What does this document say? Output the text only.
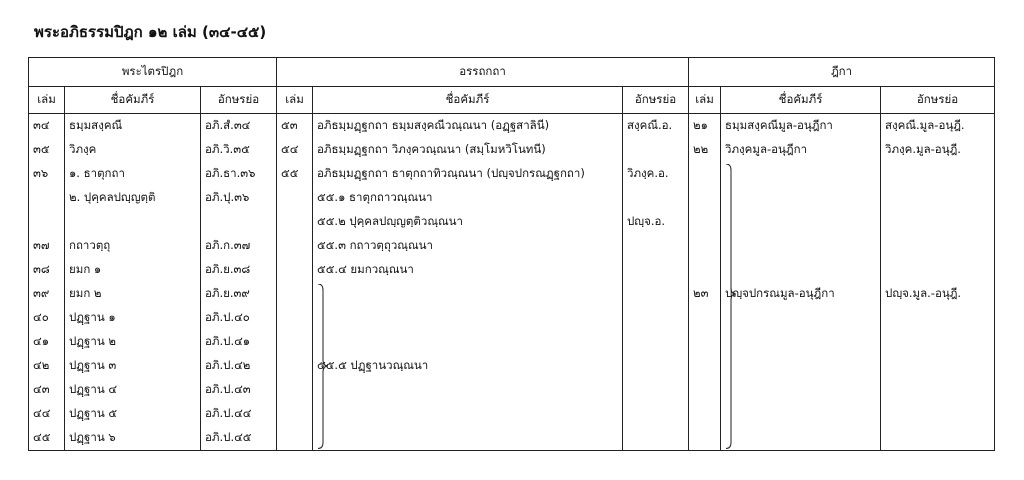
พระอภิธรรมปิฎก ๑๒ เล่ม (๓๔-๔๕)
พระไตรปิฎก			อรรถกถา			ฎีกา		
เล่ม	ชื่อคัมภีร์	อักษรย่อ	เล่ม	ชื่อคัมภีร์	อักษรย่อ	เล่ม	ชื่อคัมภีร์	อักษรย่อ
๓๔	ธมฺมสงฺคณี	อภิ.สํ.๓๔	๕๓	อภิธมฺมฏฺฐกถา ธมฺมสงฺคณีวณฺณนา (อฏฺฐสาลินี)	สงฺคณี.อ.	๒๑	ธมฺมสงฺคณีมูล-อนุฎีกา	สงฺคณี.มูล-อนุฎี.
๓๕	วิภงฺค	อภิ.วิ.๓๕	๕๔	อภิธมฺมฏฺฐกถา วิภงฺควณฺณนา (สมฺโมหวิโนทนี)		๒๒	วิภงฺคมูล-อนุฎีกา	วิภงฺค.มูล-อนุฎี.
๓๖	๑. ธาตุกถา	อภิ.ธา.๓๖	๕๕	อภิธมฺมฏฺฐกถา ธาตุกถาทิวณฺณนา (ปญฺจปกรณฏฺฐกถา)	วิภงฺค.อ.			
	๒. ปุคฺคลปญฺญตฺติ	อภิ.ปุ.๓๖		๕๕.๑ ธาตุกถาวณฺณนา				
				๕๕.๒ ปุคฺคลปญฺญตฺติวณฺณนา	ปญฺจ.อ.			
๓๗	กถาวตฺถุ	อภิ.ก.๓๗		๕๕.๓ กถาวตฺถุวณฺณนา				
๓๘	ยมก ๑	อภิ.ย.๓๘		๕๕.๔ ยมกวณฺณนา				
๓๙	ยมก ๒	อภิ.ย.๓๙				๒๓	ปญฺจปกรณมูล-อนุฎีกา	ปญฺจ.มูล.-อนุฎี.
๔๐	ปฏฺฐาน ๑	อภิ.ป.๔๐						
๔๑	ปฏฺฐาน ๒	อภิ.ป.๔๑						
๔๒	ปฏฺฐาน ๓	อภิ.ป.๔๒		๕๕.๕ ปฏฺฐานวณฺณนา				
๔๓	ปฏฺฐาน ๔	อภิ.ป.๔๓						
๔๔	ปฏฺฐาน ๕	อภิ.ป.๔๔						
๔๕	ปฏฺฐาน ๖	อภิ.ป.๔๕						
